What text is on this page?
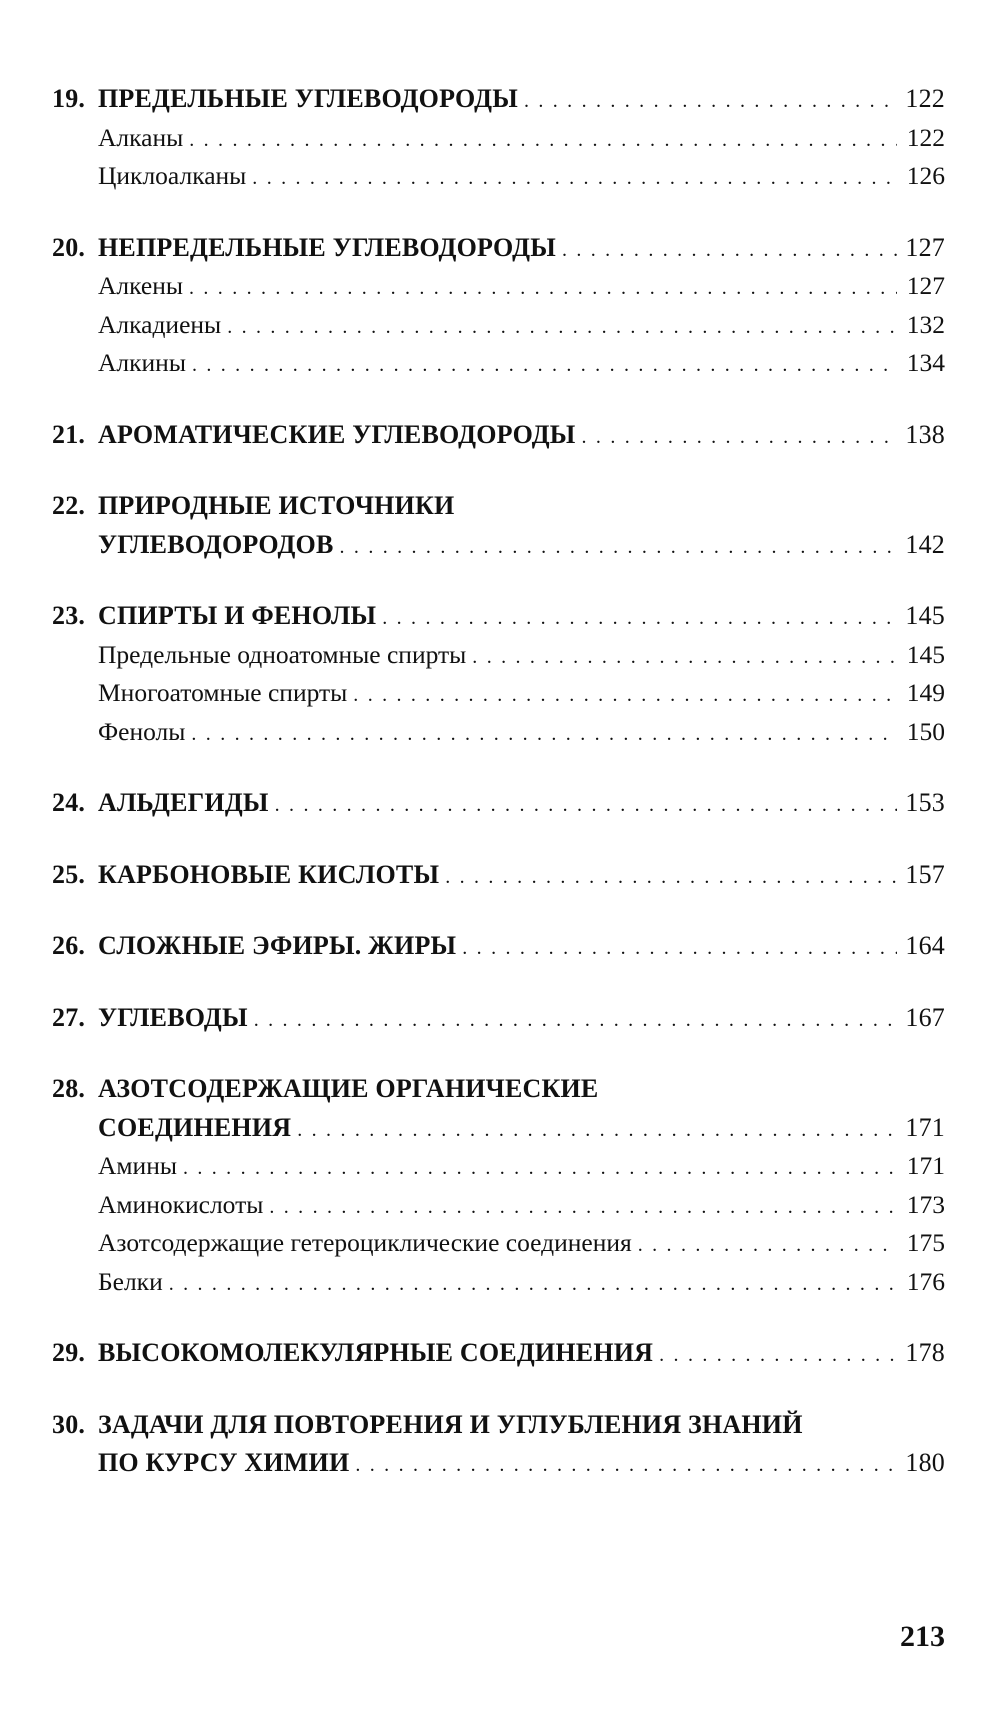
19. ПРЕДЕЛЬНЫЕ УГЛЕВОДОРОДЫ . . .	122
Алканы . . .	122
Циклоалканы . . .	126
20. НЕПРЕДЕЛЬНЫЕ УГЛЕВОДОРОДЫ . . .	127
Алкены . . .	127
Алкадиены . . .	132
Алкины . . .	134
21. АРОМАТИЧЕСКИЕ УГЛЕВОДОРОДЫ . . .	138
22. ПРИРОДНЫЕ ИСТОЧНИКИ
УГЛЕВОДОРОДОВ . . .	142
23. СПИРТЫ И ФЕНОЛЫ . . .	145
Предельные одноатомные спирты . . .	145
Многоатомные спирты . . .	149
Фенолы . . .	150
24. АЛЬДЕГИДЫ . . .	153
25. КАРБОНОВЫЕ КИСЛОТЫ . . .	157
26. СЛОЖНЫЕ ЭФИРЫ. ЖИРЫ . . .	164
27. УГЛЕВОДЫ . . .	167
28. АЗОТСОДЕРЖАЩИЕ ОРГАНИЧЕСКИЕ
СОЕДИНЕНИЯ . . .	171
Амины . . .	171
Аминокислоты . . .	173
Азотсодержащие гетероциклические соединения . . .	175
Белки . . .	176
29. ВЫСОКОМОЛЕКУЛЯРНЫЕ СОЕДИНЕНИЯ . . .	178
30. ЗАДАЧИ ДЛЯ ПОВТОРЕНИЯ И УГЛУБЛЕНИЯ ЗНАНИЙ
ПО КУРСУ ХИМИИ . . .	180
213
